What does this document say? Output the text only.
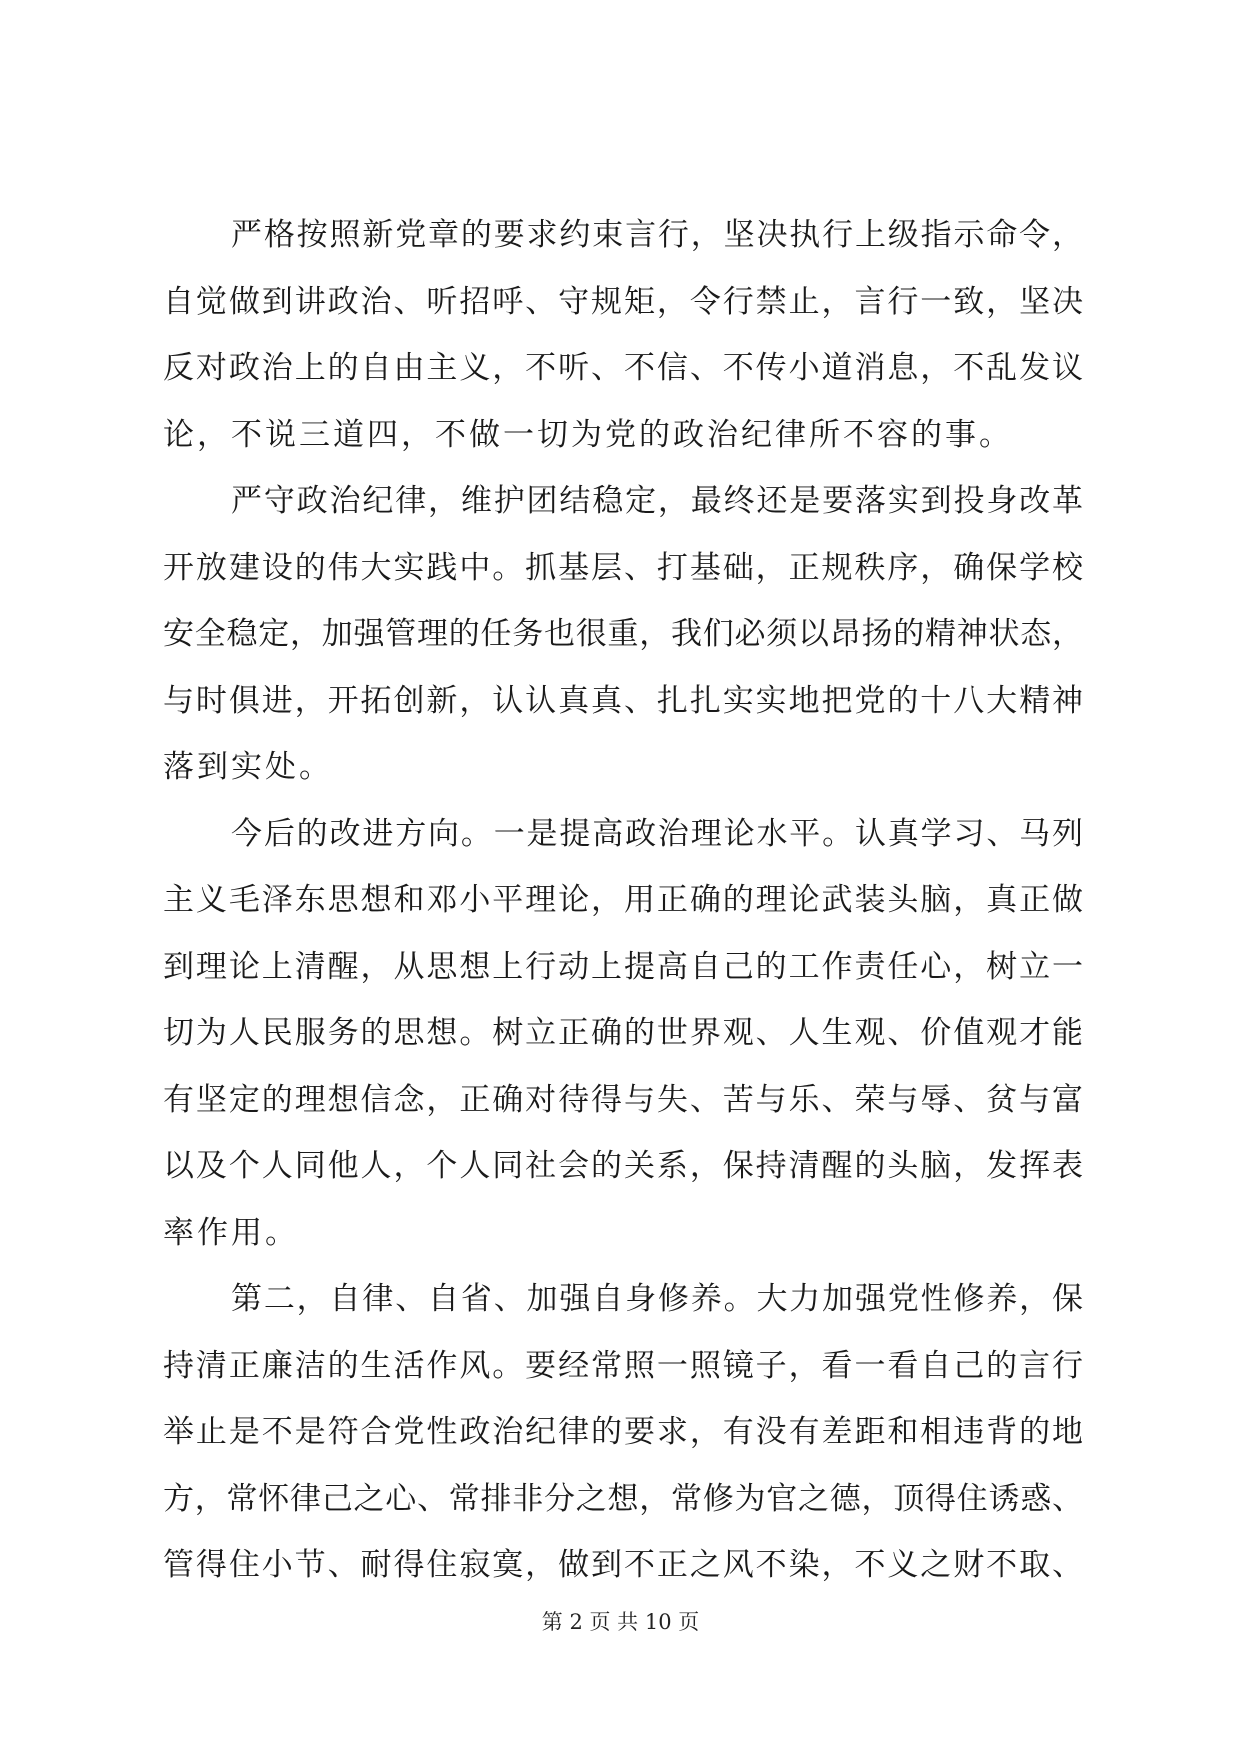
严格按照新党章的要求约束言行，坚决执行上级指示命令，
自觉做到讲政治、听招呼、守规矩，令行禁止，言行一致，坚决
反对政治上的自由主义，不听、不信、不传小道消息，不乱发议
论，不说三道四，不做一切为党的政治纪律所不容的事。
严守政治纪律，维护团结稳定，最终还是要落实到投身改革
开放建设的伟大实践中。抓基层、打基础，正规秩序，确保学校
安全稳定，加强管理的任务也很重，我们必须以昂扬的精神状态，
与时俱进，开拓创新，认认真真、扎扎实实地把党的十八大精神
落到实处。
今后的改进方向。一是提高政治理论水平。认真学习、马列
主义毛泽东思想和邓小平理论，用正确的理论武装头脑，真正做
到理论上清醒，从思想上行动上提高自己的工作责任心，树立一
切为人民服务的思想。树立正确的世界观、人生观、价值观才能
有坚定的理想信念，正确对待得与失、苦与乐、荣与辱、贫与富
以及个人同他人，个人同社会的关系，保持清醒的头脑，发挥表
率作用。
第二，自律、自省、加强自身修养。大力加强党性修养，保
持清正廉洁的生活作风。要经常照一照镜子，看一看自己的言行
举止是不是符合党性政治纪律的要求，有没有差距和相违背的地
方，常怀律己之心、常排非分之想，常修为官之德，顶得住诱惑、
管得住小节、耐得住寂寞，做到不正之风不染，不义之财不取、
第 2 页 共 10 页
